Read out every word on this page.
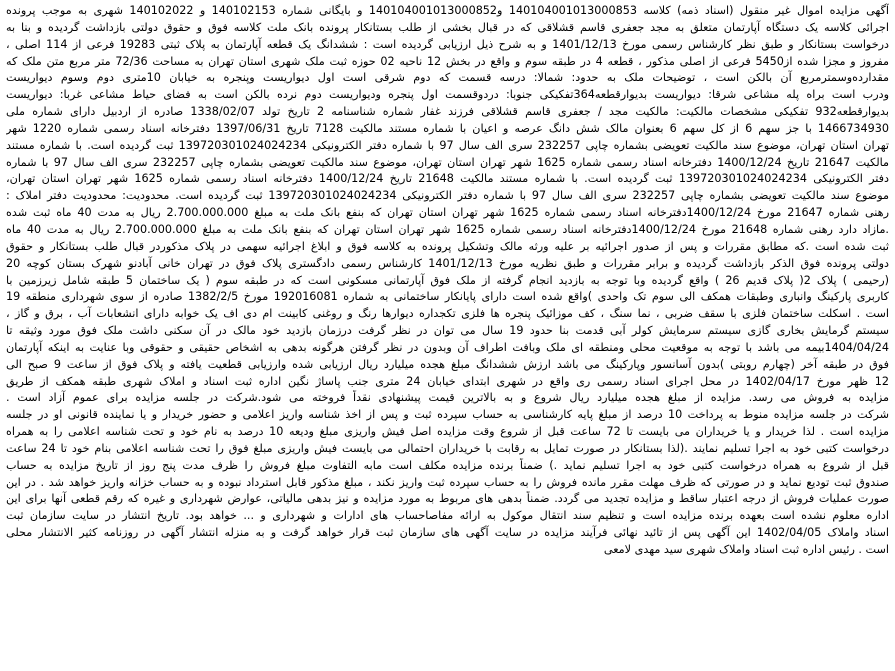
آگهی مزایده اموال غیر منقول (اسناد ذمه) کلاسه 140104001013000853 و140104001013000852 و بایگانی شماره 140102153 و 140102022 شهری به موجب پرونده
اجرائی کلاسه یک دستگاه آپارتمان متعلق به مجد جعفری قاسم قشلاقی که در قبال بخشی از طلب بستانکار پرونده بانک ملت کلاسه فوق و حقوق دولتی بازداشت گردیده و بنا به
درخواست بستانکار و طبق نظر کارشناس رسمی مورخ 1401/12/13 و به شرح ذیل ارزیابی گردیده است : ششدانگ یک قطعه آپارتمان به پلاک ثبتی 19283 فرعی از 114 اصلی ،
مفروز و مجزا شده از5450 فرعی از اصلی مذکور ، قطعه 4 در طبقه سوم و واقع در بخش 12 ناحیه 02 حوزه ثبت ملک شهری استان تهران به مساحت 72/36 متر مربع متن ملک که
مقدارده‌وسمترمربع آن بالکن است ، توضیحات ملک به حدود: شمالا: درسه قسمت که دوم شرقی است اول دیواریست وپنجره به خیابان 10متری دوم وسوم دیواریست
ودرب است براه پله مشاعی شرقا: دیواریست بدیوارقطعه364تفکیکی جنوبا: دردوقسمت اول پنجره ودیواریست دوم نرده بالکن است به فضای حیاط مشاعی غربا: دیواریست
بدیوارقطعه932 تفکیکی مشخصات مالکیت: مالکیت مجد / جعفری قاسم قشلاقی فرزند غفار شماره شناسنامه 2 تاریخ تولد 1338/02/07 صادره از اردبیل دارای شماره ملی
1466734930 با جز سهم 6 از کل سهم 6 بعنوان مالک شش دانگ عرصه و اعیان با شماره مستند مالکیت 7128 تاریخ 1397/06/31 دفترخانه اسناد رسمی شماره 1220 شهر
تهران استان تهران، موضوع سند مالکیت تعویضی بشماره چاپی 232257 سری الف سال 97 با شماره دفتر الکترونیکی 139720301024024234 ثبت گردیده است. با شماره مستند
مالکیت 21647 تاریخ 1400/12/24 دفترخانه اسناد رسمی شماره 1625 شهر تهران استان تهران، موضوع سند مالکیت تعویضی بشماره چاپی 232257 سری الف سال 97 با شماره
دفتر الکترونیکی 139720301024024234 ثبت گردیده است. با شماره مستند مالکیت 21648 تاریخ 1400/12/24 دفترخانه اسناد رسمی شماره 1625 شهر تهران استان تهران،
موضوع سند مالکیت تعویضی بشماره چاپی 232257 سری الف سال 97 با شماره دفتر الکترونیکی 139720301024024234 ثبت گردیده است. محدودیت: محدودیت دفتر املاک :
رهنی شماره 21647 مورخ 1400/12/24دفترخانه اسناد رسمی شماره 1625 شهر تهران استان تهران که بنفع بانک ملت به مبلغ 2.700.000.000 ریال به مدت 40 ماه ثبت شده
.مازاد دارد رهنی شماره 21648 مورخ 1400/12/24دفترخانه اسناد رسمی شماره 1625 شهر تهران استان تهران که بنفع بانک ملت به مبلغ 2.700.000.000 ریال به مدت 40 ماه
ثبت شده است .که مطابق مقررات و پس از صدور اجرائیه بر علیه ورثه مالک وتشکیل پرونده به کلاسه فوق و ابلاغ اجرائیه سهمی در پلاک مذکوردر قبال طلب بستانکار و حقوق
دولتی پرونده فوق الذکر بازداشت گردیده و برابر مقررات و طبق نظریه مورخ 1401/12/13 کارشناس رسمی دادگستری پلاک فوق در تهران خانی آبادنو شهرک بستان کوچه 20
(رحیمی ) پلاک 2( پلاک قدیم 26 ) واقع گردیده وبا توجه به بازدید انجام گرفته از ملک فوق آپارتمانی مسکونی است که در طبقه سوم ( یک ساختمان 5 طبقه شامل زیرزمین با
کاربری پارکینگ وانباری وطبقات همکف الی سوم تک واحدی )واقع شده است دارای پایانکار ساختمانی به شماره 192016081 مورخ 1382/2/5 صادره از سوی شهرداری منطقه 19
است . اسکلت ساختمان فلزی با سقف ضربی ، نما سنگ ، کف موزائیک پنجره ها فلزی تکجداره دیوارها رنگ و روغنی کابینت ام دی اف یک خوابه دارای انشعابات آب ، برق و گاز ،
سیستم گرمایش بخاری گازی سیستم سرمایش کولر آبی قدمت بنا حدود 19 سال می توان در نظر گرفت درزمان بازدید خود مالک در آن سکنی داشت ملک فوق مورد وثیقه تا
1404/04/24بیمه می باشد با توجه به موقعیت محلی ومنطقه ای ملک وبافت اطراف آن وبدون در نظر گرفتن هرگونه بدهی به اشخاص حقیقی و حقوقی وبا عنایت به اینکه آپارتمان
فوق در طبقه آخر (چهارم روبتی )بدون آسانسور وپارکینگ می باشد ارزش ششدانگ مبلغ هجده میلیارد ریال ارزیابی شده وارزیابی قطعیت یافته و پلاک فوق از ساعت 9 صبح الی
12 ظهر مورخ 1402/04/17 در محل اجرای اسناد رسمی ری واقع در شهری ابتدای خیابان 24 متری جنب پاساژ نگین اداره ثبت اسناد و املاک شهری طبقه همکف از طریق
مزایده به فروش می رسد. مزایده از مبلغ هجده میلیارد ریال شروع و به بالاترین قیمت پیشنهادی نقداً فروخته می شود.شرکت در جلسه مزایده برای عموم آزاد است .
شرکت در جلسه مزایده منوط به پرداخت 10 درصد از مبلغ پایه کارشناسی به حساب سپرده ثبت و پس از اخذ شناسه واریز اعلامی و حضور خریدار و یا نماینده قانونی او در جلسه
مزایده است . لذا خریدار و یا خریداران می بایست تا 72 ساعت قبل از شروع وقت مزایده اصل فیش واریزی مبلغ ودیعه 10 درصد به نام خود و تحت شناسه اعلامی را به همراه
درخواست کتبی خود به اجرا تسلیم نمایند .(لذا بستانکار در صورت تمایل به رقابت با خریداران احتمالی می بایست فیش واریزی مبلغ فوق را تحت شناسه اعلامی بنام خود تا 24 ساعت
قبل از شروع به همراه درخواست کتبی خود به اجرا تسلیم نماید .) ضمناً برنده مزایده مکلف است مابه التفاوت مبلغ فروش را ظرف مدت پنج روز از تاریخ مزایده به حساب
صندوق ثبت تودیع نماید و در صورتی که ظرف مهلت مقرر مانده فروش را به حساب سپرده ثبت واریز نکند ، مبلغ مذکور قابل استرداد نبوده و به حساب خزانه واریز خواهد شد . در این
صورت عملیات فروش از درجه اعتبار ساقط و مزایده تجدید می گردد. ضمناً بدهی های مربوط به مورد مزایده و نیز بدهی مالیاتی، عوارض شهرداری و غیره که رقم قطعی آنها برای این
اداره معلوم نشده است بعهده برنده مزایده است و تنظیم سند انتقال موکول به ارائه مفاصاحساب های ادارات و شهرداری و ... خواهد بود. تاریخ انتشار در سایت سازمان ثبت
اسناد واملاک 1402/04/05 این آگهی پس از تائید نهائی فرآیند مزایده در سایت آگهی های سازمان ثبت قرار خواهد گرفت و به منزله انتشار آگهی در روزنامه کثیر الانتشار محلی
است . رئیس اداره ثبت اسناد واملاک شهری سید مهدی لامعی
